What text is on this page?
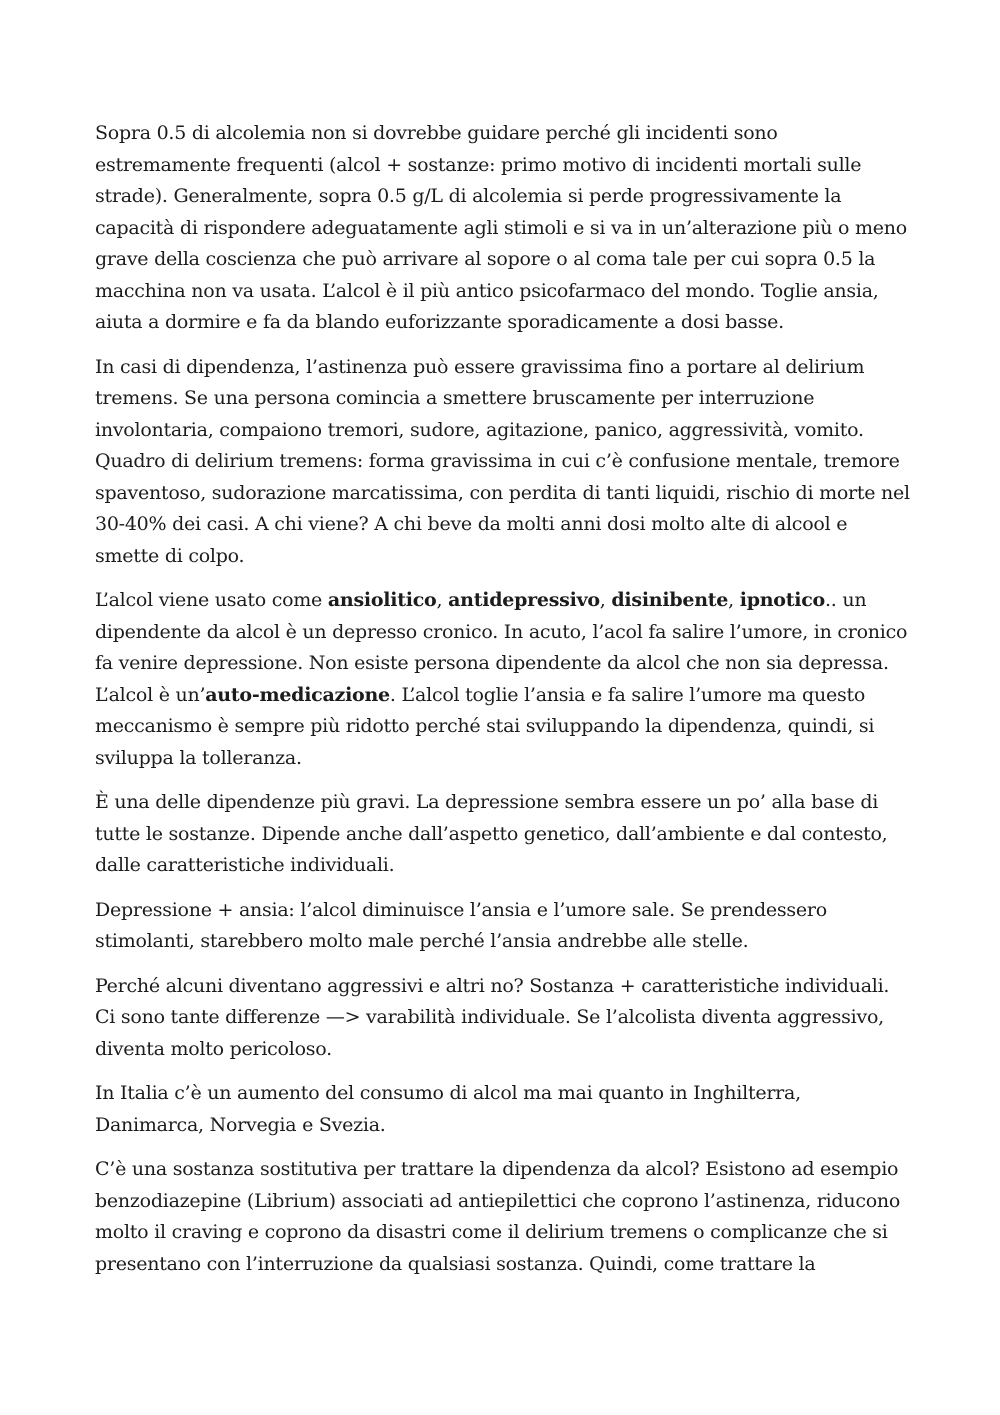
Sopra 0.5 di alcolemia non si dovrebbe guidare perché gli incidenti sono estremamente frequenti (alcol + sostanze: primo motivo di incidenti mortali sulle strade). Generalmente, sopra 0.5 g/L di alcolemia si perde progressivamente la capacità di rispondere adeguatamente agli stimoli e si va in un’alterazione più o meno grave della coscienza che può arrivare al sopore o al coma tale per cui sopra 0.5 la macchina non va usata. L’alcol è il più antico psicofarmaco del mondo. Toglie ansia, aiuta a dormire e fa da blando euforizzante sporadicamente a dosi basse.

In casi di dipendenza, l’astinenza può essere gravissima fino a portare al delirium tremens. Se una persona comincia a smettere bruscamente per interruzione involontaria, compaiono tremori, sudore, agitazione, panico, aggressività, vomito. Quadro di delirium tremens: forma gravissima in cui c’è confusione mentale, tremore spaventoso, sudorazione marcatissima, con perdita di tanti liquidi, rischio di morte nel 30-40% dei casi. A chi viene? A chi beve da molti anni dosi molto alte di alcool e smette di colpo.

L’alcol viene usato come ansiolitico, antidepressivo, disinibente, ipnotico.. un dipendente da alcol è un depresso cronico. In acuto, l’acol fa salire l’umore, in cronico fa venire depressione. Non esiste persona dipendente da alcol che non sia depressa. L’alcol è un’auto-medicazione. L’alcol toglie l’ansia e fa salire l’umore ma questo meccanismo è sempre più ridotto perché stai sviluppando la dipendenza, quindi, si sviluppa la tolleranza.

È una delle dipendenze più gravi. La depressione sembra essere un po’ alla base di tutte le sostanze. Dipende anche dall’aspetto genetico, dall’ambiente e dal contesto, dalle caratteristiche individuali.

Depressione + ansia: l’alcol diminuisce l’ansia e l’umore sale. Se prendessero stimolanti, starebbero molto male perché l’ansia andrebbe alle stelle.

Perché alcuni diventano aggressivi e altri no? Sostanza + caratteristiche individuali. Ci sono tante differenze —> varabilità individuale. Se l’alcolista diventa aggressivo, diventa molto pericoloso.

In Italia c’è un aumento del consumo di alcol ma mai quanto in Inghilterra, Danimarca, Norvegia e Svezia.

C’è una sostanza sostitutiva per trattare la dipendenza da alcol? Esistono ad esempio benzodiazepine (Librium) associati ad antiepilettici che coprono l’astinenza, riducono molto il craving e coprono da disastri come il delirium tremens o complicanze che si presentano con l’interruzione da qualsiasi sostanza. Quindi, come trattare la
